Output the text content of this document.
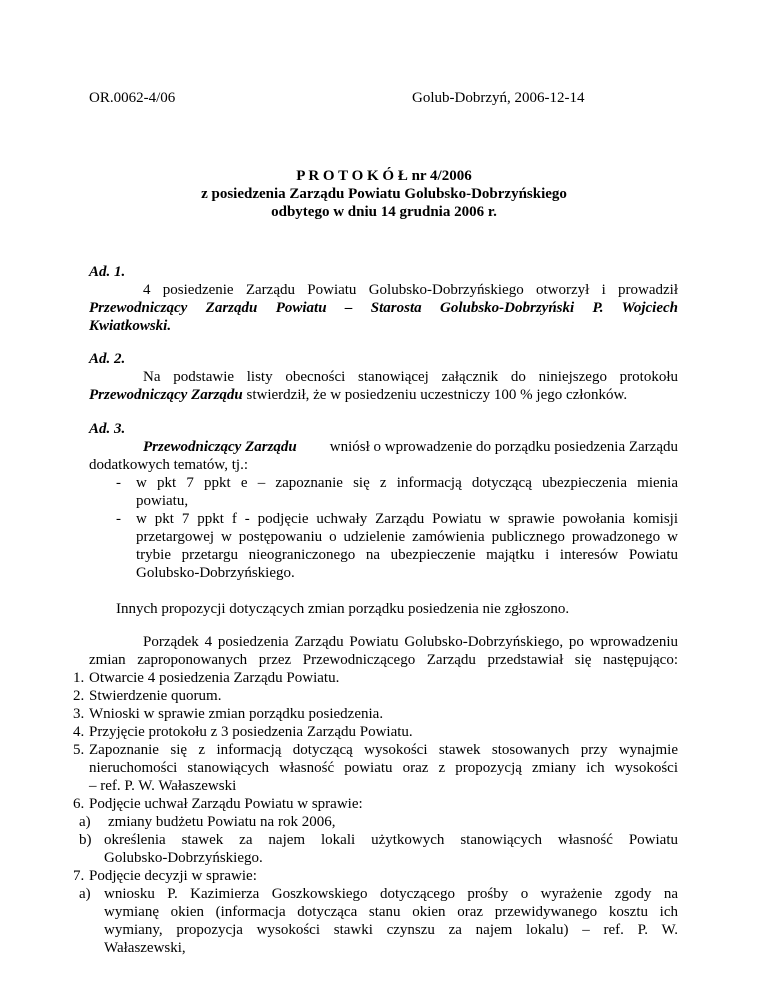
OR.0062-4/06	Golub-Dobrzyń, 2006-12-14
P R O T O K Ó Ł nr 4/2006
z posiedzenia Zarządu Powiatu Golubsko-Dobrzyńskiego
odbytego w dniu 14 grudnia 2006 r.
Ad. 1.
4 posiedzenie Zarządu Powiatu Golubsko-Dobrzyńskiego otworzył i prowadził
Przewodniczący Zarządu Powiatu – Starosta Golubsko-Dobrzyński P. Wojciech
Kwiatkowski.
Ad. 2.
Na podstawie listy obecności stanowiącej załącznik do niniejszego protokołu
Przewodniczący Zarządu stwierdził, że w posiedzeniu uczestniczy 100 % jego członków.
Ad. 3.
Przewodniczący Zarządu wniósł o wprowadzenie do porządku posiedzenia Zarządu
dodatkowych tematów, tj.:
- w pkt 7 ppkt e – zapoznanie się z informacją dotyczącą ubezpieczenia mienia
powiatu,
- w pkt 7 ppkt f - podjęcie uchwały Zarządu Powiatu w sprawie powołania komisji
przetargowej w postępowaniu o udzielenie zamówienia publicznego prowadzonego w
trybie przetargu nieograniczonego na ubezpieczenie majątku i interesów Powiatu
Golubsko-Dobrzyńskiego.
Innych propozycji dotyczących zmian porządku posiedzenia nie zgłoszono.
Porządek 4 posiedzenia Zarządu Powiatu Golubsko-Dobrzyńskiego, po wprowadzeniu
zmian zaproponowanych przez Przewodniczącego Zarządu przedstawiał się następująco:
1. Otwarcie 4 posiedzenia Zarządu Powiatu.
2. Stwierdzenie quorum.
3. Wnioski w sprawie zmian porządku posiedzenia.
4. Przyjęcie protokołu z 3 posiedzenia Zarządu Powiatu.
5. Zapoznanie się z informacją dotyczącą wysokości stawek stosowanych przy wynajmie
nieruchomości stanowiących własność powiatu oraz z propozycją zmiany ich wysokości
– ref. P. W. Wałaszewski
6. Podjęcie uchwał Zarządu Powiatu w sprawie:
a) zmiany budżetu Powiatu na rok 2006,
b) określenia stawek za najem lokali użytkowych stanowiących własność Powiatu
Golubsko-Dobrzyńskiego.
7. Podjęcie decyzji w sprawie:
a) wniosku P. Kazimierza Goszkowskiego dotyczącego prośby o wyrażenie zgody na
wymianę okien (informacja dotycząca stanu okien oraz przewidywanego kosztu ich
wymiany, propozycja wysokości stawki czynszu za najem lokalu) – ref. P. W.
Wałaszewski,
